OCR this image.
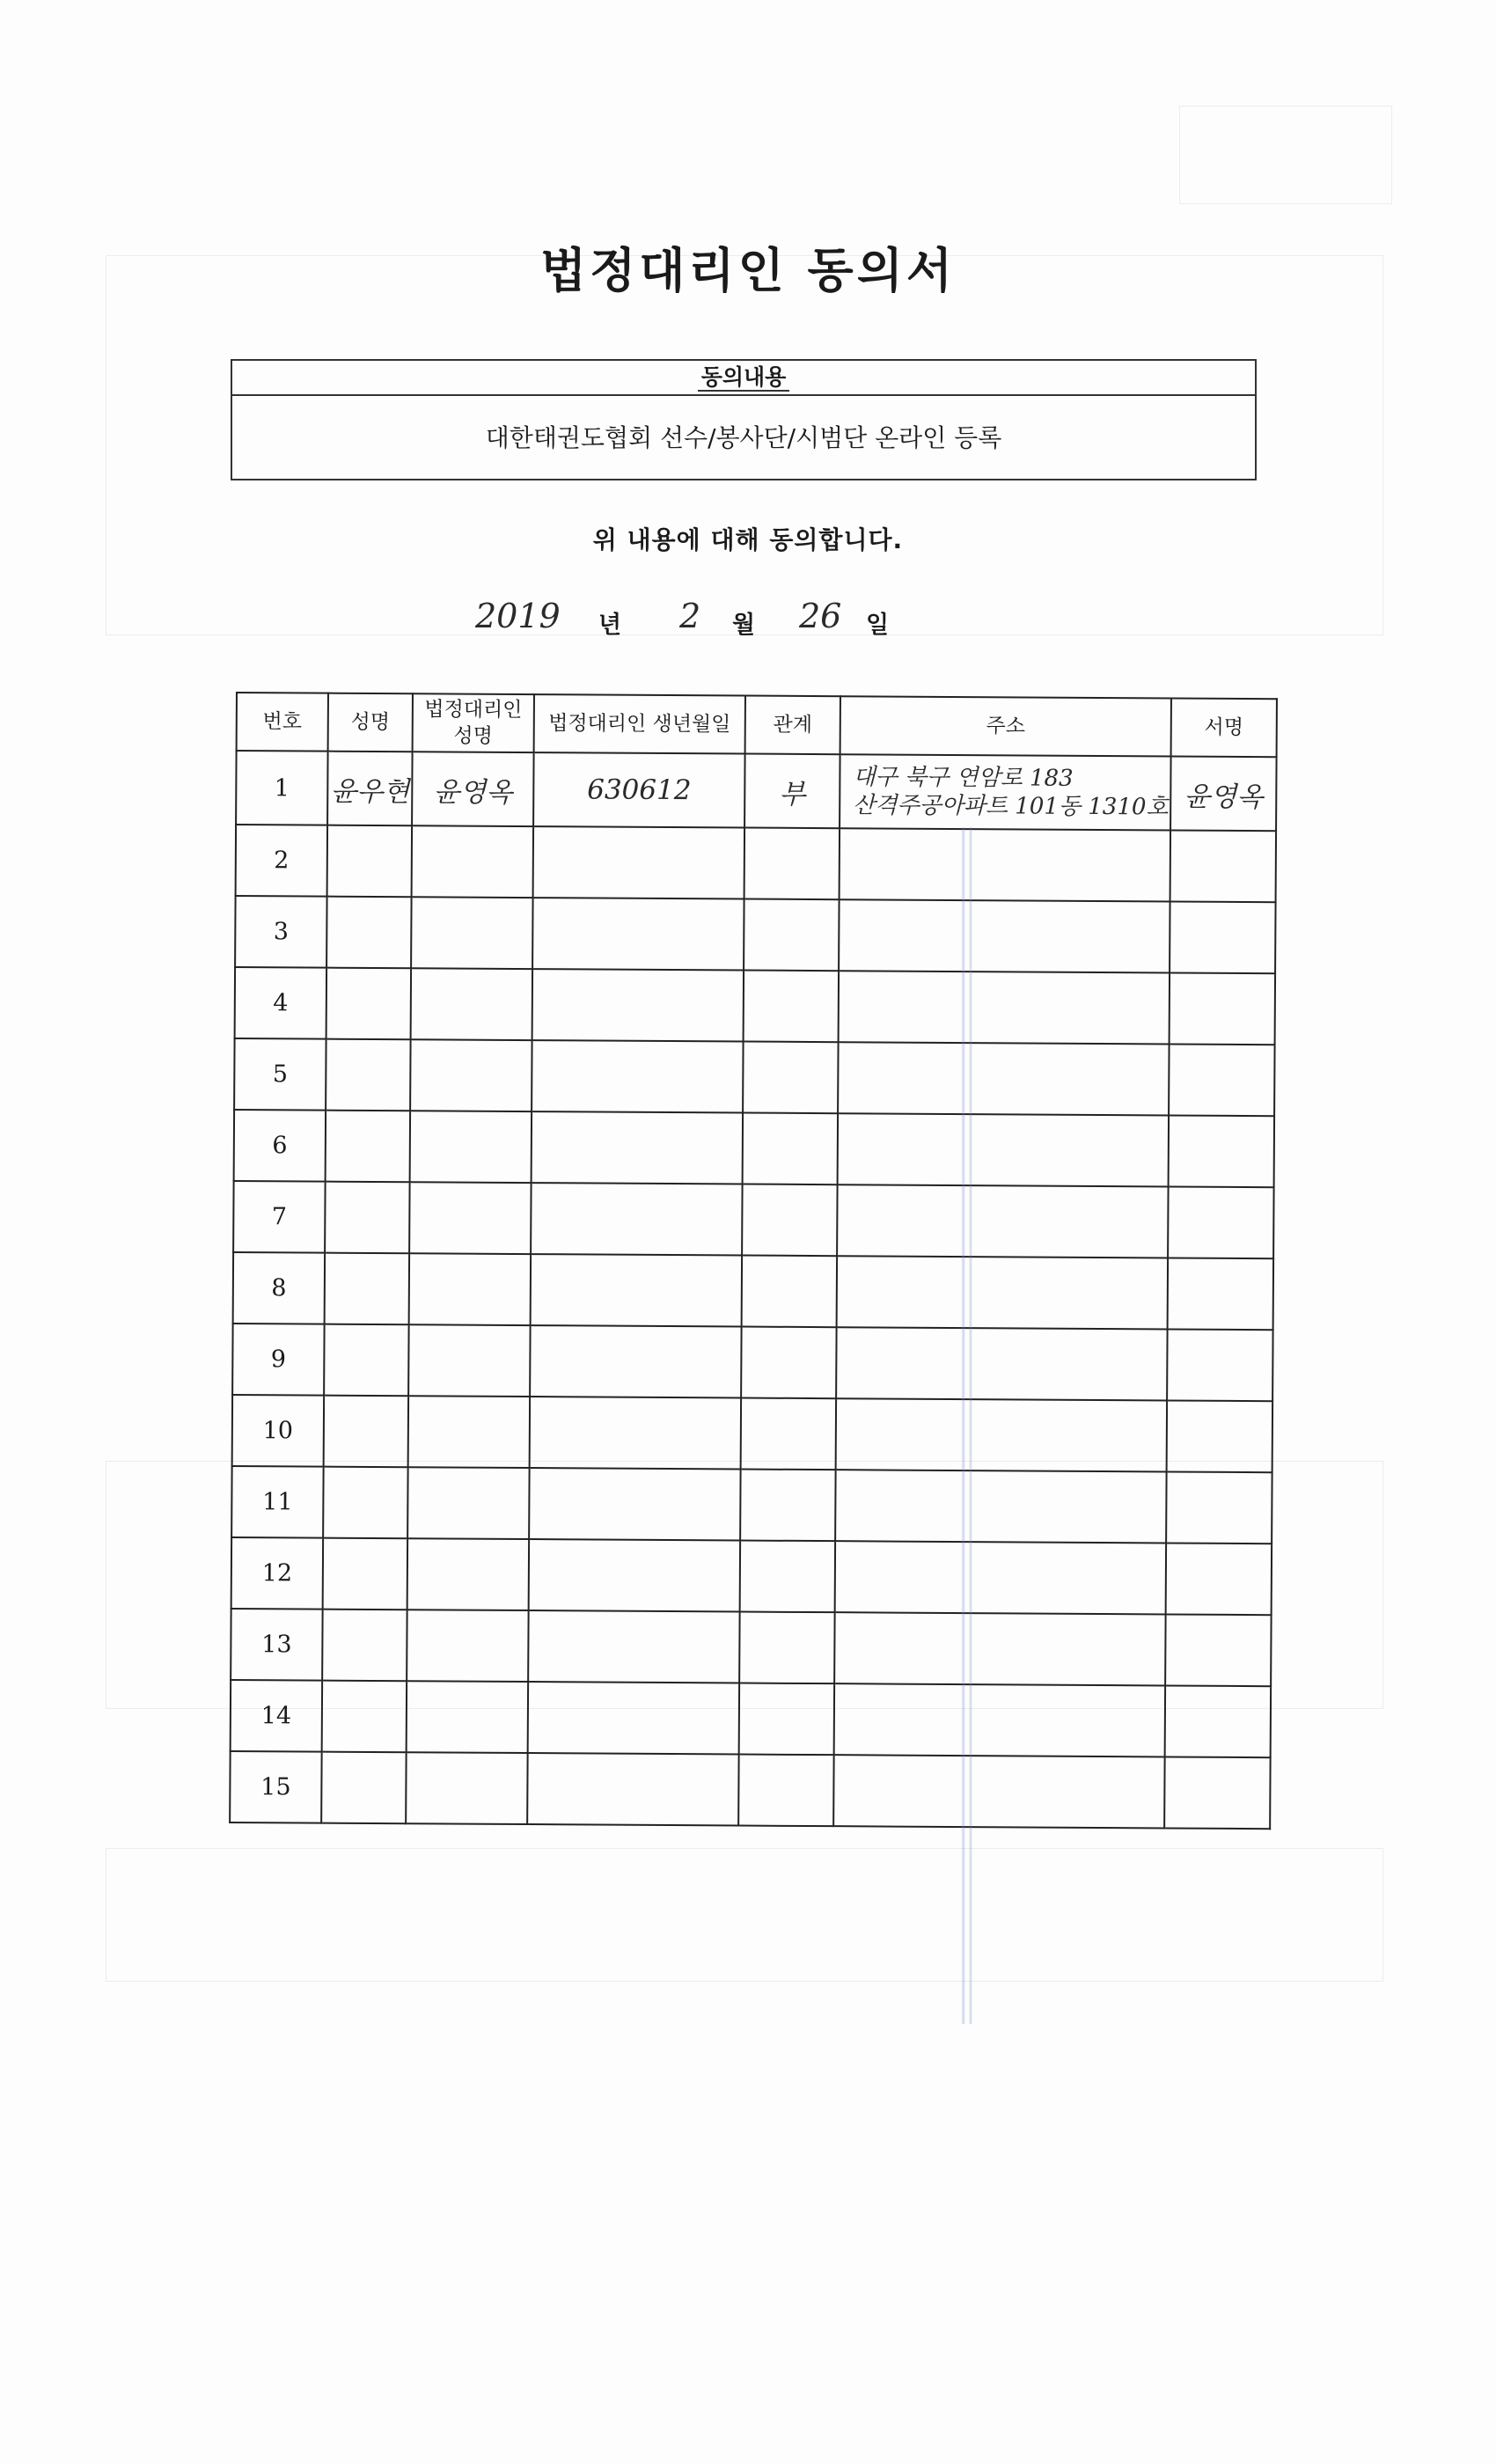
법정대리인 동의서
동의내용
대한태권도협회 선수/봉사단/시범단 온라인 등록
위 내용에 대해 동의합니다.
2019 년 2 월 26 일
번호	성명	법정대리인 성명	법정대리인 생년월일	관계	주소	서명
1	윤우현	윤영옥	630612	부	대구 북구 연암로 183
산격주공아파트 101동 1310호	윤영옥
2					

3					

4					

5					

6					

7					

8					

9					

10					

11					

12					

13					

14					

15					
